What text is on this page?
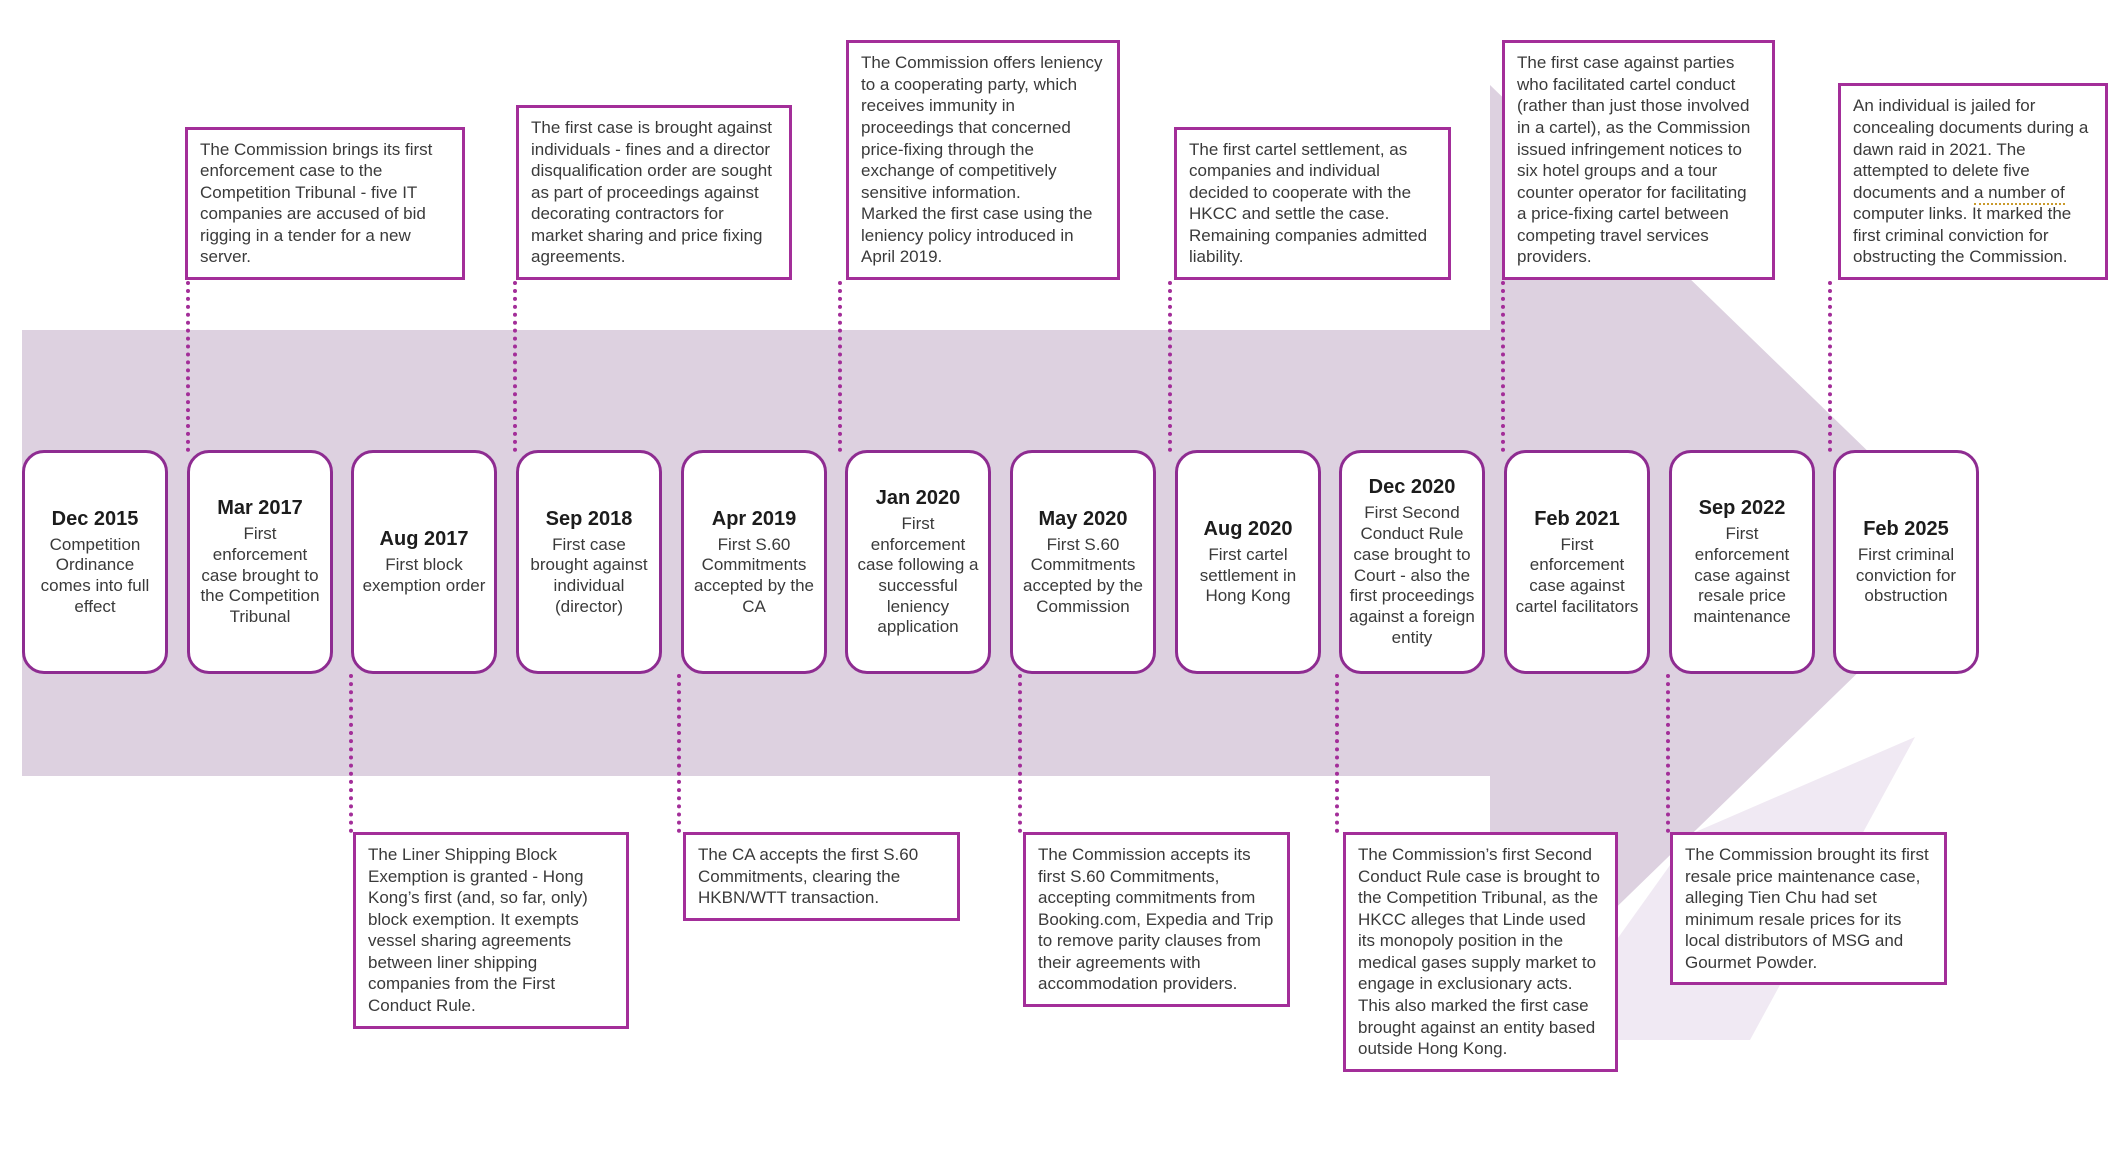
Dec 2015
Competition Ordinance comes into full effect
Mar 2017
First enforcement case brought to the Competition Tribunal
Aug 2017
First block exemption order
Sep 2018
First case brought against individual (director)
Apr 2019
First S.60 Commitments accepted by the CA
Jan 2020
First enforcement case following a successful leniency application
May 2020
First S.60 Commitments accepted by the Commission
Aug 2020
First cartel settlement in Hong Kong
Dec 2020
First Second Conduct Rule case brought to Court - also the first proceedings against a foreign entity
Feb 2021
First enforcement case against cartel facilitators
Sep 2022
First enforcement case against resale price maintenance
Feb 2025
First criminal conviction for obstruction
The Commission brings its first enforcement case to the Competition Tribunal - five IT companies are accused of bid rigging in a tender for a new server.
The first case is brought against individuals - fines and a director disqualification order are sought as part of proceedings against decorating contractors for market sharing and price fixing agreements.
The Commission offers leniency to a cooperating party, which receives immunity in proceedings that concerned price-fixing through the exchange of competitively sensitive information.
Marked the first case using the leniency policy introduced in April 2019.
The first cartel settlement, as companies and individual decided to cooperate with the HKCC and settle the case. Remaining companies admitted liability.
The first case against parties who facilitated cartel conduct (rather than just those involved in a cartel), as the Commission issued infringement notices to six hotel groups and a tour counter operator for facilitating a price-fixing cartel between competing travel services providers.
An individual is jailed for concealing documents during a dawn raid in 2021. The attempted to delete five documents and a number of computer links. It marked the first criminal conviction for obstructing the Commission.
The Liner Shipping Block Exemption is granted - Hong Kong’s first (and, so far, only) block exemption. It exempts vessel sharing agreements between liner shipping companies from the First Conduct Rule.
The CA accepts the first S.60 Commitments, clearing the HKBN/WTT transaction.
The Commission accepts its first S.60 Commitments, accepting commitments from Booking.com, Expedia and Trip to remove parity clauses from their agreements with accommodation providers.
The Commission’s first Second Conduct Rule case is brought to the Competition Tribunal, as the HKCC alleges that Linde used its monopoly position in the medical gases supply market to engage in exclusionary acts. This also marked the first case brought against an entity based outside Hong Kong.
The Commission brought its first resale price maintenance case, alleging Tien Chu had set minimum resale prices for its local distributors of MSG and Gourmet Powder.
